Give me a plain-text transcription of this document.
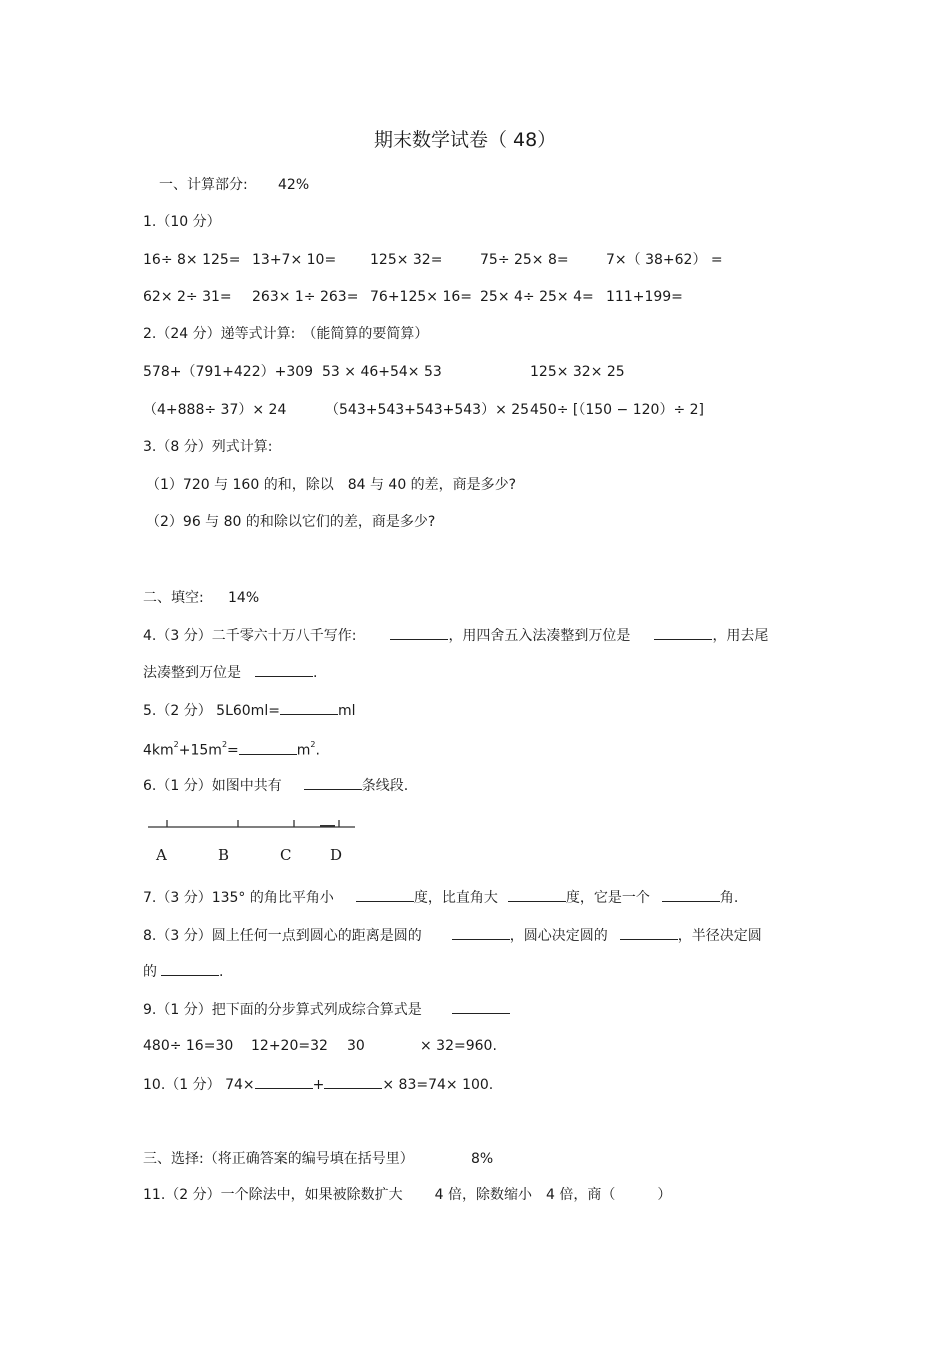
期末数学试卷（ 48）
一、计算部分: 42%
1.（10 分）
16÷ 8× 125= 13+7× 10= 125× 32=	75÷ 25× 8=	7×（ 38+62） =
62× 2÷ 31= 263× 1÷ 263= 76+125× 16= 25× 4÷ 25× 4= 111+199=
2.（24 分）递等式计算:　（能简算的要简算）
578+（791+422）+309 53 × 46+54× 53	125× 32× 25
（4+888÷ 37）× 24	（543+543+543+543）× 25 450÷ [（150 − 120）÷ 2]
3.（8 分）列式计算:
（1）720 与 160 的和，除以　84 与 40 的差，商是多少?
（2）96 与 80 的和除以它们的差，商是多少?
二、填空: 14%
4.（3 分）二千零六十万八千写作:	，用四舍五入法凑整到万位是	，用去尾
法凑整到万位是	.
5.（2 分） 5L60ml=	ml
$4km^2+15m^2=$	$m^2$.
6.（1 分）如图中共有	条线段.
A	B	C	D
7.（3 分）135° 的角比平角小	度，比直角大	度，它是一个	角.
8.（3 分）圆上任何一点到圆心的距离是圆的	，圆心决定圆的	，半径决定圆
的	.
9.（1 分）把下面的分步算式列成综合算式是
480÷ 16=30 12+20=32 30	× 32=960.
10.（1 分） 74×	+	× 83=74× 100.
三、选择:（将正确答案的编号填在括号里）	8%
11.（2 分）一个除法中，如果被除数扩大 4 倍，除数缩小 4 倍，商（　　　）
